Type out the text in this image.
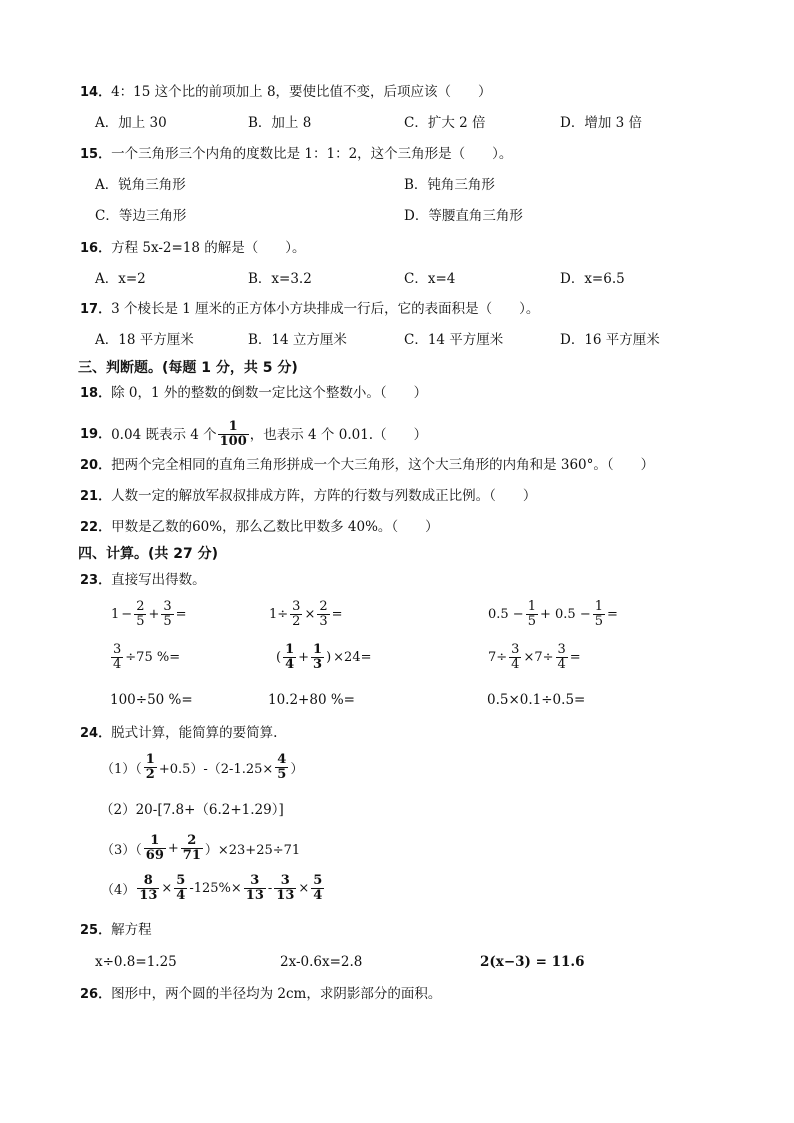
14．4：15 这个比的前项加上 8，要使比值不变，后项应该（　　）
A．加上 30	B．加上 8	C．扩大 2 倍	D．增加 3 倍
15．一个三角形三个内角的度数比是 1：1：2，这个三角形是（　　）。
A．锐角三角形	B．钝角三角形
C．等边三角形	D．等腰直角三角形
16．方程 5x-2=18 的解是（　　）。
A．x=2	B．x=3.2	C．x=4	D．x=6.5
17．3 个棱长是 1 厘米的正方体小方块排成一行后，它的表面积是（　　）。
A．18 平方厘米	B．14 立方厘米	C．14 平方厘米	D．16 平方厘米
三、判断题。(每题 1 分，共 5 分)
18．除 0，1 外的整数的倒数一定比这个整数小。（　　）
19． 0.04 既表示 4 个 $\frac{1}{100}$ ，也表示 4 个 0.01.（　　）
20．把两个完全相同的直角三角形拼成一个大三角形，这个大三角形的内角和是 360°。（　　）
21．人数一定的解放军叔叔排成方阵，方阵的行数与列数成正比例。（　　）
22．甲数是乙数的60%，那么乙数比甲数多 40%。（　　）
四、计算。(共 27 分)
23．直接写出得数。
$1 - \frac{2}{5} + \frac{3}{5}$ =	$1\div \frac{3}{2} \times \frac{2}{3}$ =	$0.5 - \frac{1}{5} + 0.5 - \frac{1}{5}$ =
$\frac{3}{4} \div 75$ %=	( $\frac{1}{4} + \frac{1}{3}$ ) ×24=	$7\div \frac{3}{4} \times 7\div \frac{3}{4}$ =
100÷50 %=	10.2+80 %=	0.5×0.1÷0.5=
24．脱式计算，能简算的要简算.
$(1)( \frac{1}{2} +0.5)-(2-1.25\times \frac{4}{5}$ ）
（2）20-[7.8+（6.2+1.29）]
$(3)( \frac{1}{69} + \frac{2}{71} )\times 23+25\div 71$
$(4) \frac{8}{13} \times \frac{5}{4} -125\%\times \frac{3}{13} - \frac{3}{13} \times \frac{5}{4}$
25．解方程
x÷0.8=1.25	2x-0.6x=2.8	2(x−3) = 11.6
26．图形中，两个圆的半径均为 2cm，求阴影部分的面积。
